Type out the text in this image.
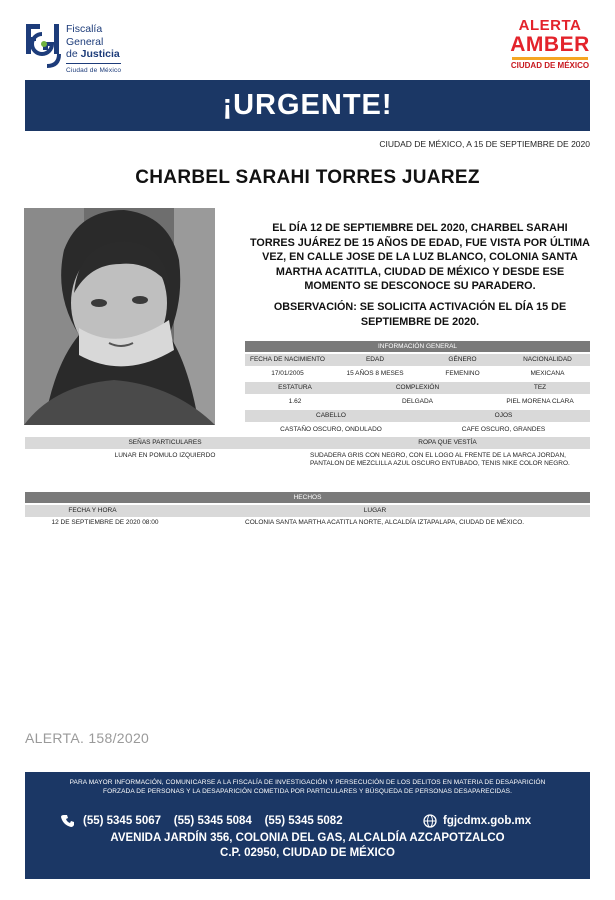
Fiscalía
General
de Justicia
Ciudad de México
ALERTA
AMBER
CIUDAD DE MÉXICO
¡URGENTE!
CIUDAD DE MÉXICO, A 15 DE SEPTIEMBRE DE 2020
CHARBEL SARAHI TORRES JUAREZ
EL DÍA 12 DE SEPTIEMBRE DEL 2020, CHARBEL SARAHI TORRES JUÁREZ DE 15 AÑOS DE EDAD, FUE VISTA POR ÚLTIMA VEZ, EN CALLE JOSE DE LA LUZ BLANCO, COLONIA SANTA MARTHA ACATITLA, CIUDAD DE MÉXICO Y DESDE ESE MOMENTO SE DESCONOCE SU PARADERO.
OBSERVACIÓN: SE SOLICITA ACTIVACIÓN EL DÍA 15 DE SEPTIEMBRE DE 2020.
INFORMACIÓN GENERAL
FECHA DE NACIMIENTO	EDAD	GÉNERO	NACIONALIDAD
17/01/2005	15 AÑOS 8 MESES	FEMENINO	MEXICANA
ESTATURA	COMPLEXIÓN	TEZ
1.62	DELGADA	PIEL MORENA CLARA
CABELLO	OJOS
CASTAÑO OSCURO, ONDULADO	CAFE OSCURO, GRANDES
SEÑAS PARTICULARES	ROPA QUE VESTÍA
LUNAR EN POMULO IZQUIERDO	SUDADERA GRIS CON NEGRO, CON EL LOGO AL FRENTE DE LA MARCA JORDAN,
PANTALON DE MEZCLILLA AZUL OSCURO ENTUBADO, TENIS NIKE COLOR NEGRO.
HECHOS
FECHA Y HORA	LUGAR
12 DE SEPTIEMBRE DE 2020 08:00	COLONIA SANTA MARTHA ACATITLA NORTE, ALCALDÍA IZTAPALAPA, CIUDAD DE MÉXICO.
ALERTA. 158/2020
PARA MAYOR INFORMACIÓN, COMUNICARSE A LA FISCALÍA DE INVESTIGACIÓN Y PERSECUCIÓN DE LOS DELITOS EN MATERIA DE DESAPARICIÓN
FORZADA DE PERSONAS Y LA DESAPARICIÓN COMETIDA POR PARTICULARES Y BÚSQUEDA DE PERSONAS DESAPARECIDAS.
(55) 5345 5067 (55) 5345 5084 (55) 5345 5082	fgjcdmx.gob.mx
AVENIDA JARDÍN 356, COLONIA DEL GAS, ALCALDÍA AZCAPOTZALCO
C.P. 02950, CIUDAD DE MÉXICO
